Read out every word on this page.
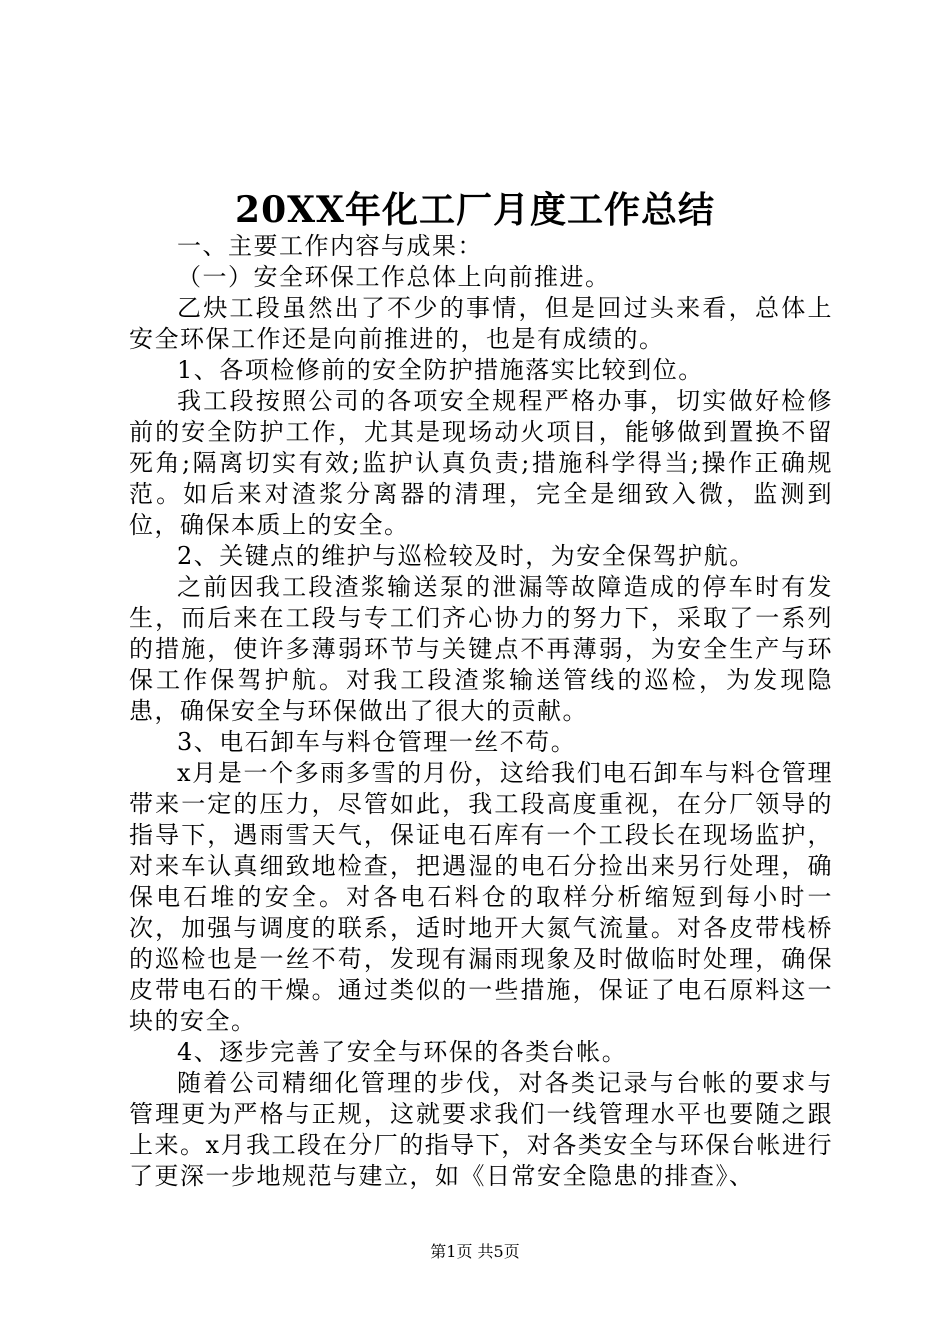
20XX年化工厂月度工作总结

一、主要工作内容与成果：

（一）安全环保工作总体上向前推进。

乙炔工段虽然出了不少的事情，但是回过头来看，总体上安全环保工作还是向前推进的，也是有成绩的。

1、各项检修前的安全防护措施落实比较到位。

我工段按照公司的各项安全规程严格办事，切实做好检修前的安全防护工作，尤其是现场动火项目，能够做到置换不留死角;隔离切实有效;监护认真负责;措施科学得当;操作正确规范。如后来对渣浆分离器的清理，完全是细致入微，监测到位，确保本质上的安全。

2、关键点的维护与巡检较及时，为安全保驾护航。

之前因我工段渣浆输送泵的泄漏等故障造成的停车时有发生，而后来在工段与专工们齐心协力的努力下，采取了一系列的措施，使许多薄弱环节与关键点不再薄弱，为安全生产与环保工作保驾护航。对我工段渣浆输送管线的巡检，为发现隐患，确保安全与环保做出了很大的贡献。

3、电石卸车与料仓管理一丝不苟。

x月是一个多雨多雪的月份，这给我们电石卸车与料仓管理带来一定的压力，尽管如此，我工段高度重视，在分厂领导的指导下，遇雨雪天气，保证电石库有一个工段长在现场监护，对来车认真细致地检查，把遇湿的电石分捡出来另行处理，确保电石堆的安全。对各电石料仓的取样分析缩短到每小时一次，加强与调度的联系，适时地开大氮气流量。对各皮带栈桥的巡检也是一丝不苟，发现有漏雨现象及时做临时处理，确保皮带电石的干燥。通过类似的一些措施，保证了电石原料这一块的安全。

4、逐步完善了安全与环保的各类台帐。

随着公司精细化管理的步伐，对各类记录与台帐的要求与管理更为严格与正规，这就要求我们一线管理水平也要随之跟上来。x月我工段在分厂的指导下，对各类安全与环保台帐进行了更深一步地规范与建立，如《日常安全隐患的排查》、

第1页 共5页
